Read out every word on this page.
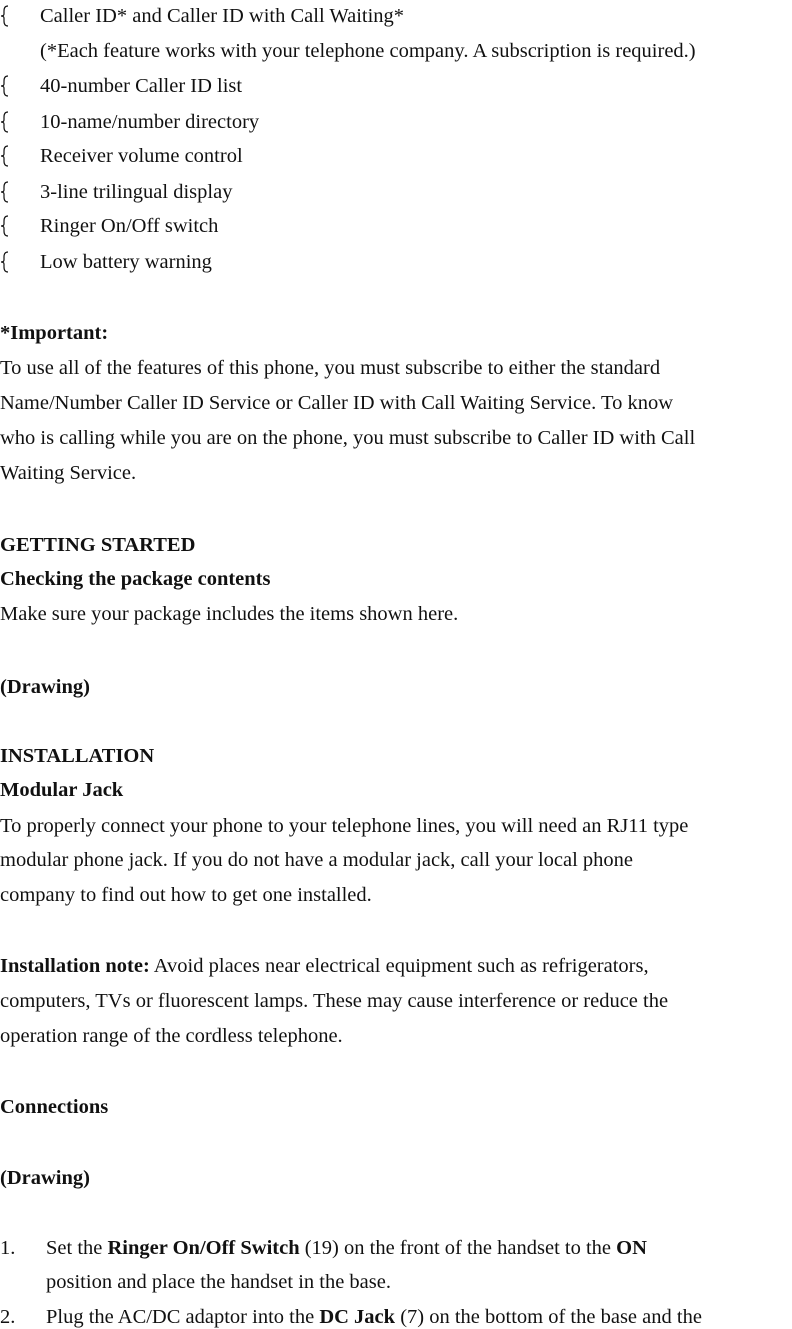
Caller ID* and Caller ID with Call Waiting*
(*Each feature works with your telephone company. A subscription is required.)
40-number Caller ID list
10-name/number directory
Receiver volume control
3-line trilingual display
Ringer On/Off switch
Low battery warning
*Important:
To use all of the features of this phone, you must subscribe to either the standard
Name/Number Caller ID Service or Caller ID with Call Waiting Service. To know
who is calling while you are on the phone, you must subscribe to Caller ID with Call
Waiting Service.
GETTING STARTED
Checking the package contents
Make sure your package includes the items shown here.
(Drawing)
INSTALLATION
Modular Jack
To properly connect your phone to your telephone lines, you will need an RJ11 type
modular phone jack. If you do not have a modular jack, call your local phone
company to find out how to get one installed.
Installation note: Avoid places near electrical equipment such as refrigerators,
computers, TVs or fluorescent lamps. These may cause interference or reduce the
operation range of the cordless telephone.
Connections
(Drawing)
1. Set the Ringer On/Off Switch (19) on the front of the handset to the ON
position and place the handset in the base.
2. Plug the AC/DC adaptor into the DC Jack (7) on the bottom of the base and the
